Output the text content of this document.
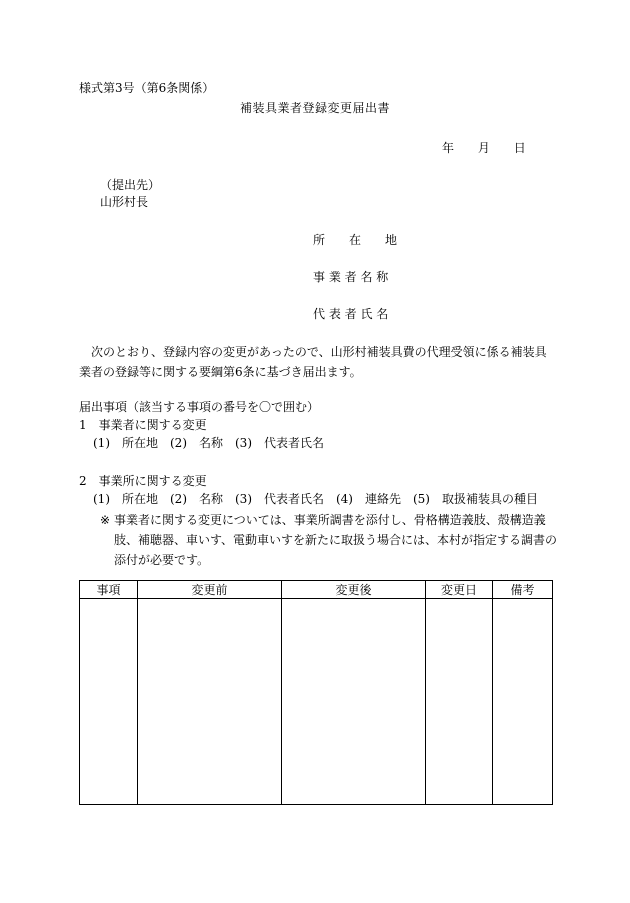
様式第3号（第6条関係）
補装具業者登録変更届出書
年 月 日
（提出先）
山形村長
所　　在　　地
事 業 者 名 称
代 表 者 氏 名
次のとおり、登録内容の変更があったので、山形村補装具費の代理受領に係る補装具業者の登録等に関する要綱第6条に基づき届出ます。
届出事項（該当する事項の番号を〇で囲む）
1　事業者に関する変更
(1)　所在地　(2)　名称　(3)　代表者氏名
2　事業所に関する変更
(1)　所在地　(2)　名称　(3)　代表者氏名　(4)　連絡先　(5)　取扱補装具の種目
※ 事業者に関する変更については、事業所調書を添付し、骨格構造義肢、殻構造義肢、補聴器、車いす、電動車いすを新たに取扱う場合には、本村が指定する調書の添付が必要です。
事項	変更前	変更後	変更日	備考
